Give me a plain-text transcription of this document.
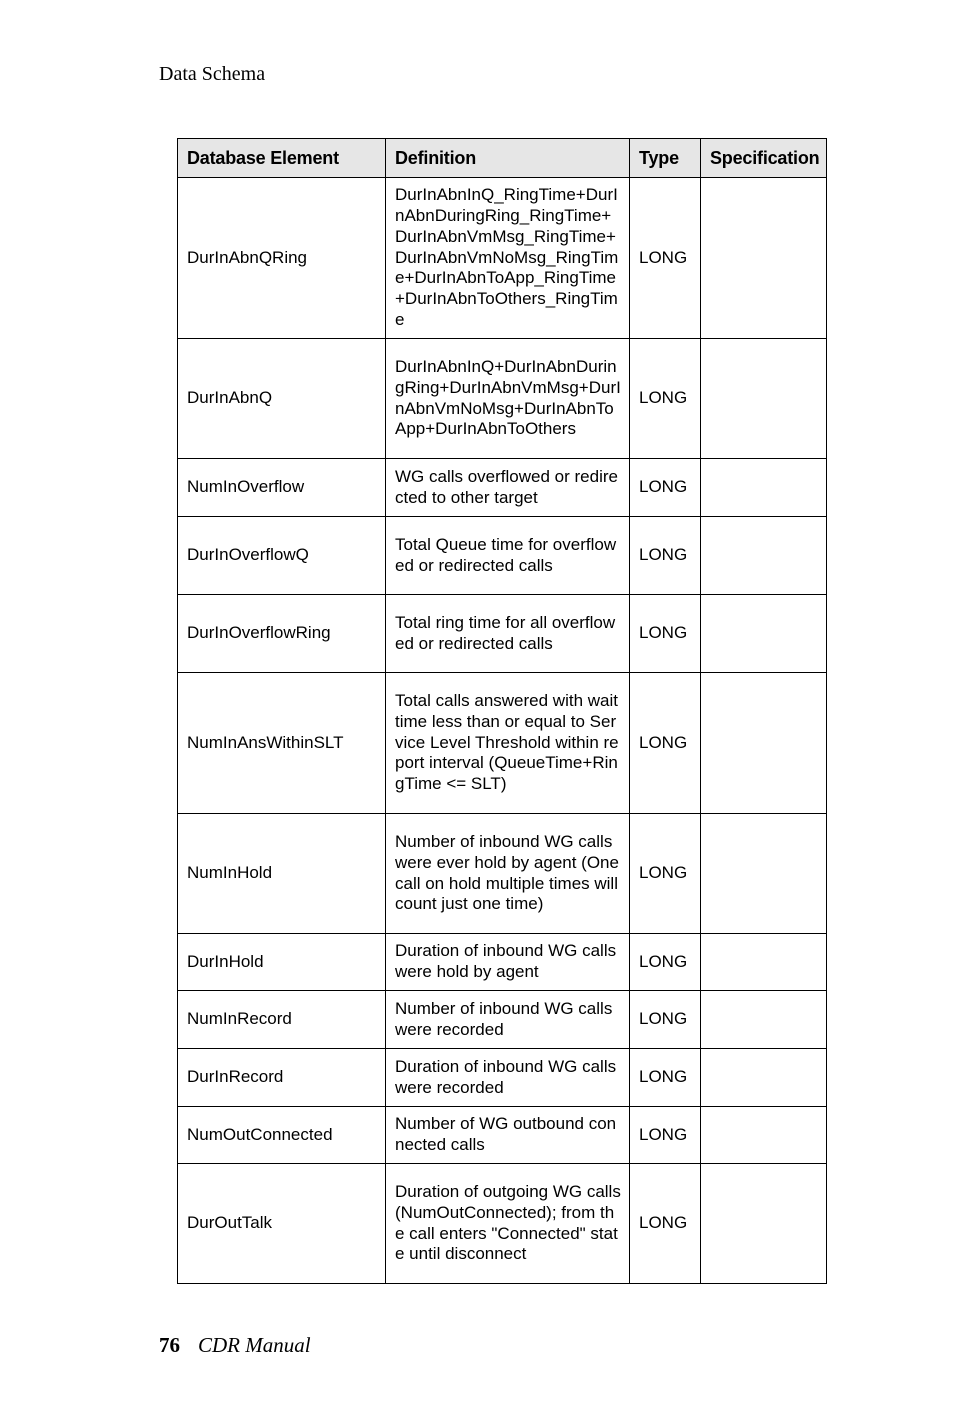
Data Schema
Database Element	Definition	Type	Specification
DurInAbnQRing	DurInAbnInQ_RingTime+DurInAbnDuringRing_RingTime+DurInAbnVmMsg_RingTime+DurInAbnVmNoMsg_RingTime+DurInAbnToApp_RingTime+DurInAbnToOthers_RingTime	LONG	
DurInAbnQ	DurInAbnInQ+DurInAbnDuringRing+DurInAbnVmMsg+DurInAbnVmNoMsg+DurInAbnToApp+DurInAbnToOthers	LONG	
NumInOverflow	WG calls overflowed or redirected to other target	LONG	
DurInOverflowQ	Total Queue time for overflowed or redirected calls	LONG	
DurInOverflowRing	Total ring time for all overflowed or redirected calls	LONG	
NumInAnsWithinSLT	Total calls answered with wait time less than or equal to Service Level Threshold within report interval (QueueTime+RingTime <= SLT)	LONG	
NumInHold	Number of inbound WG calls were ever hold by agent (One call on hold multiple times will count just one time)	LONG	
DurInHold	Duration of inbound WG calls were hold by agent	LONG	
NumInRecord	Number of inbound WG calls were recorded	LONG	
DurInRecord	Duration of inbound WG calls were recorded	LONG	
NumOutConnected	Number of WG outbound connected calls	LONG	
DurOutTalk	Duration of outgoing WG calls (NumOutConnected); from the call enters "Connected" state until disconnect	LONG	
76 CDR Manual
